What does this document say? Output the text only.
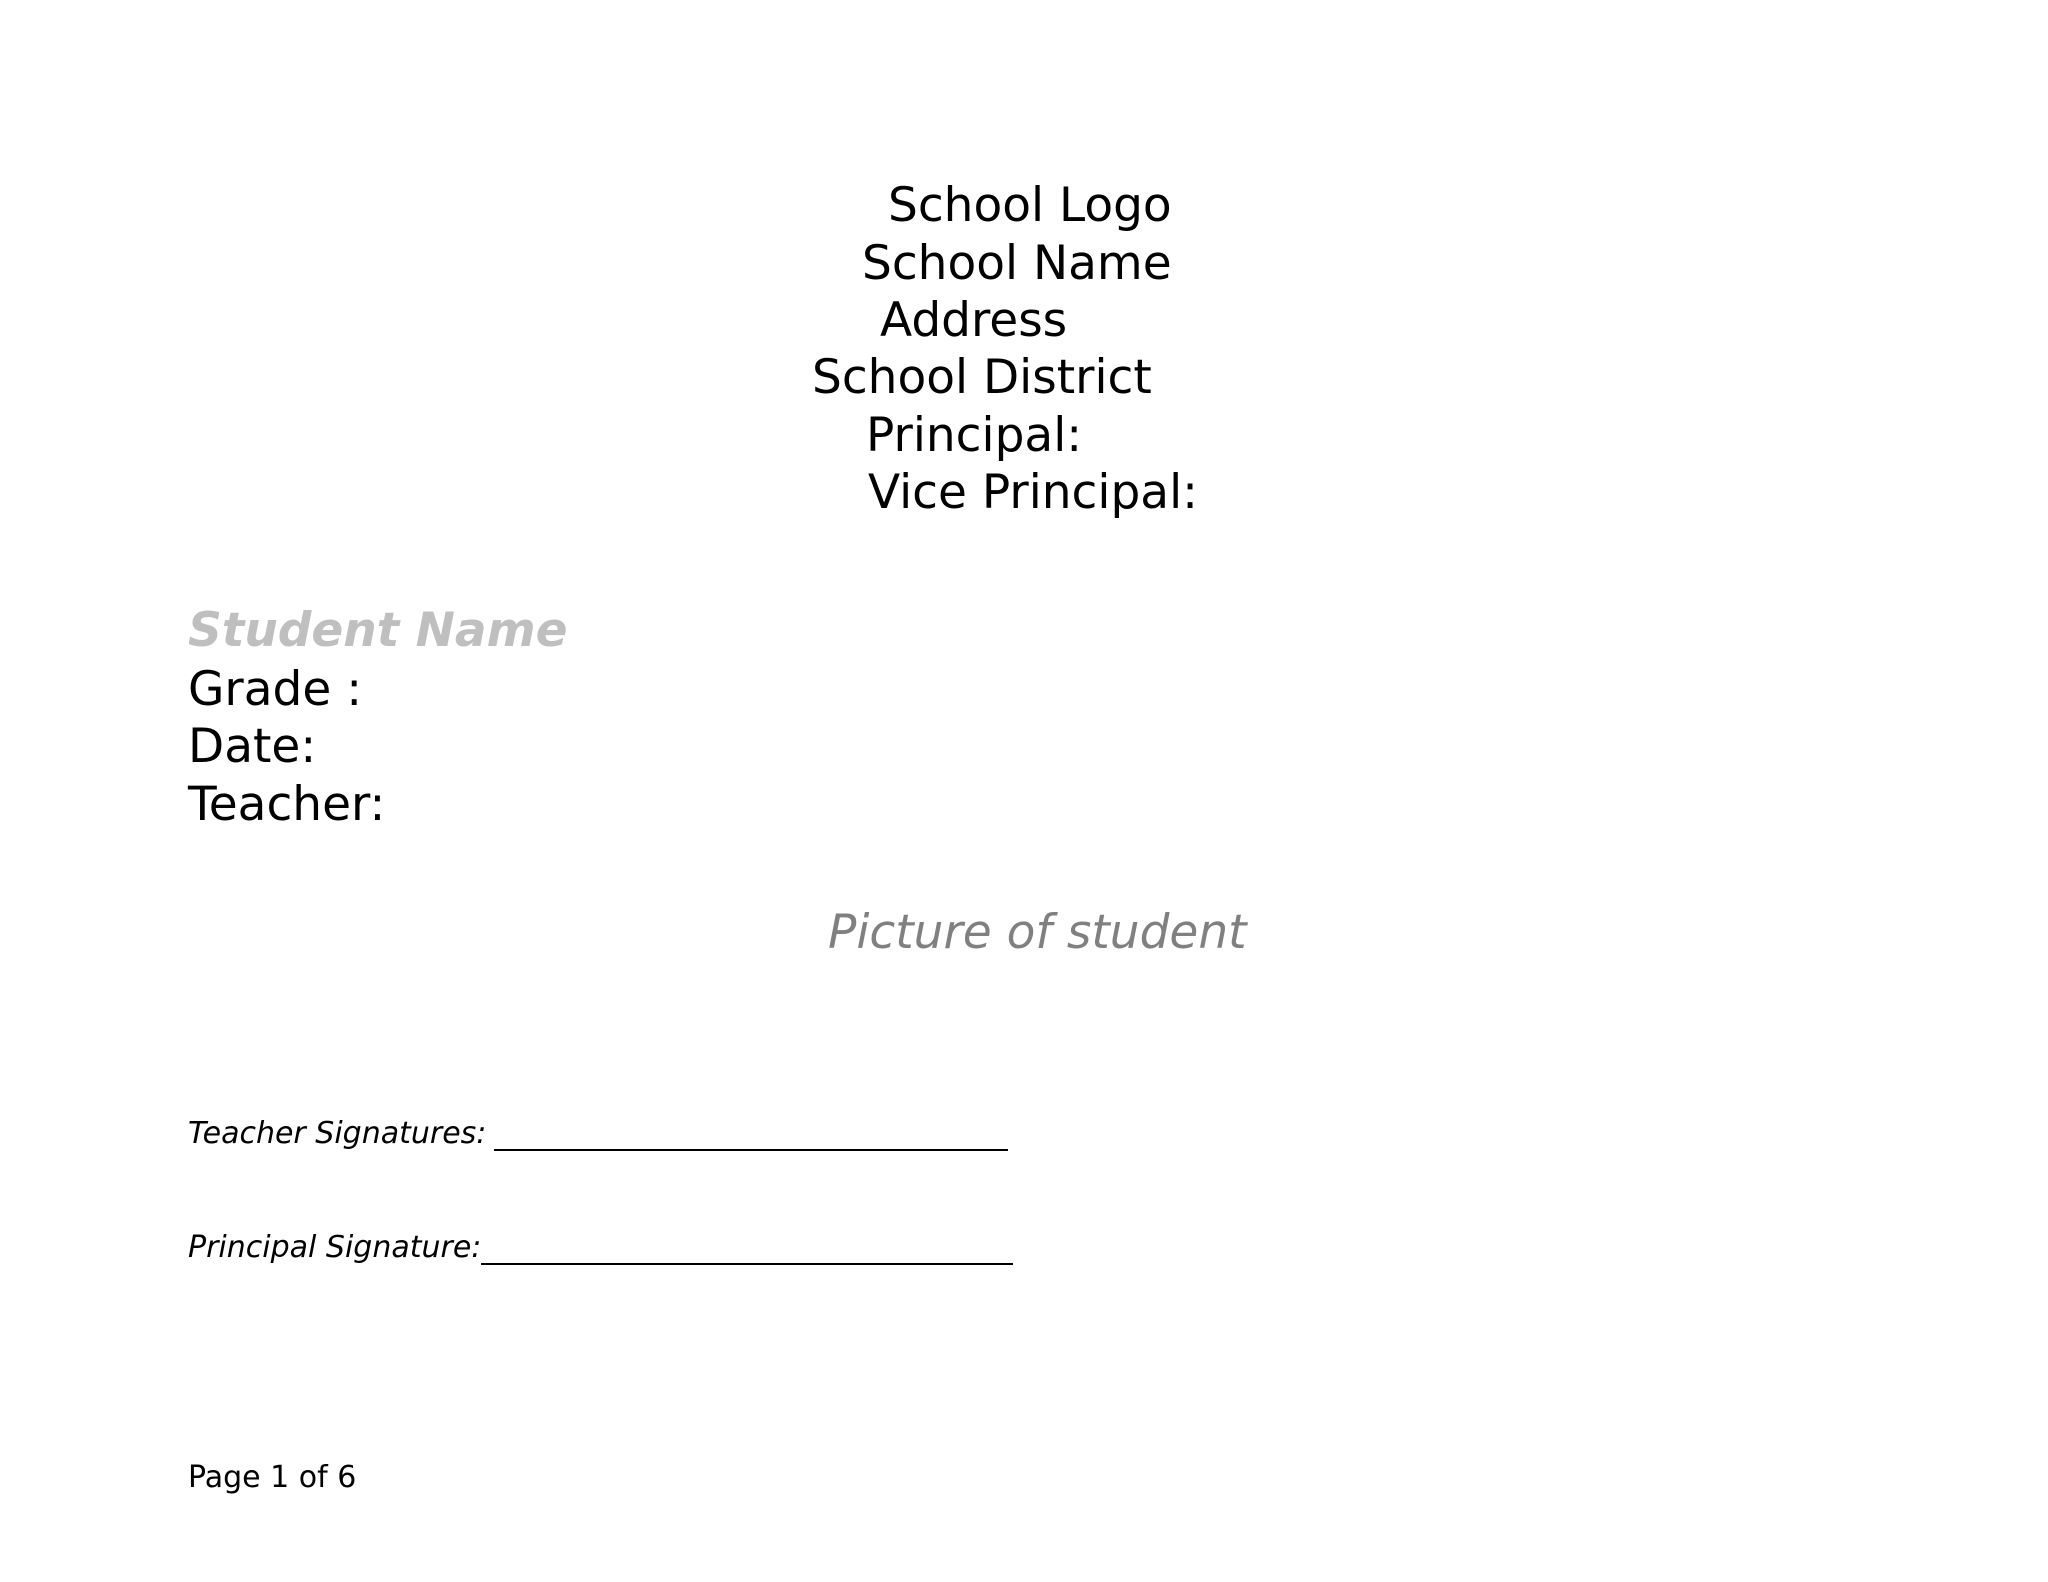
School Logo
School Name
Address
School District
Principal:
Vice Principal:
Student Name
Grade :
Date:
Teacher:
Picture of student
Teacher Signatures:
Principal Signature:
Page 1 of 6
